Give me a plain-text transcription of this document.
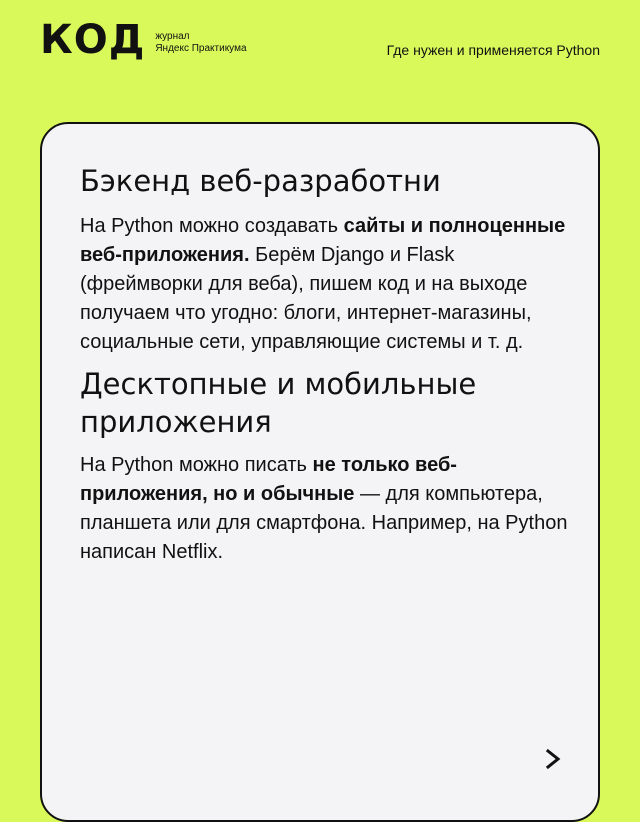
КОД журнал
Яндекс Практикума	Где нужен и применяется Python
Бэкенд веб-разработни

На Python можно создавать сайты и полноценные веб-приложения. Берём Django и Flask (фреймворки для веба), пишем код и на выходе получаем что угодно: блоги, интернет-магазины, социальные сети, управляющие системы и т. д.

Десктопные и мобильные приложения

На Python можно писать не только веб-приложения, но и обычные — для компьютера, планшета или для смартфона. Например, на Python написан Netflix.
